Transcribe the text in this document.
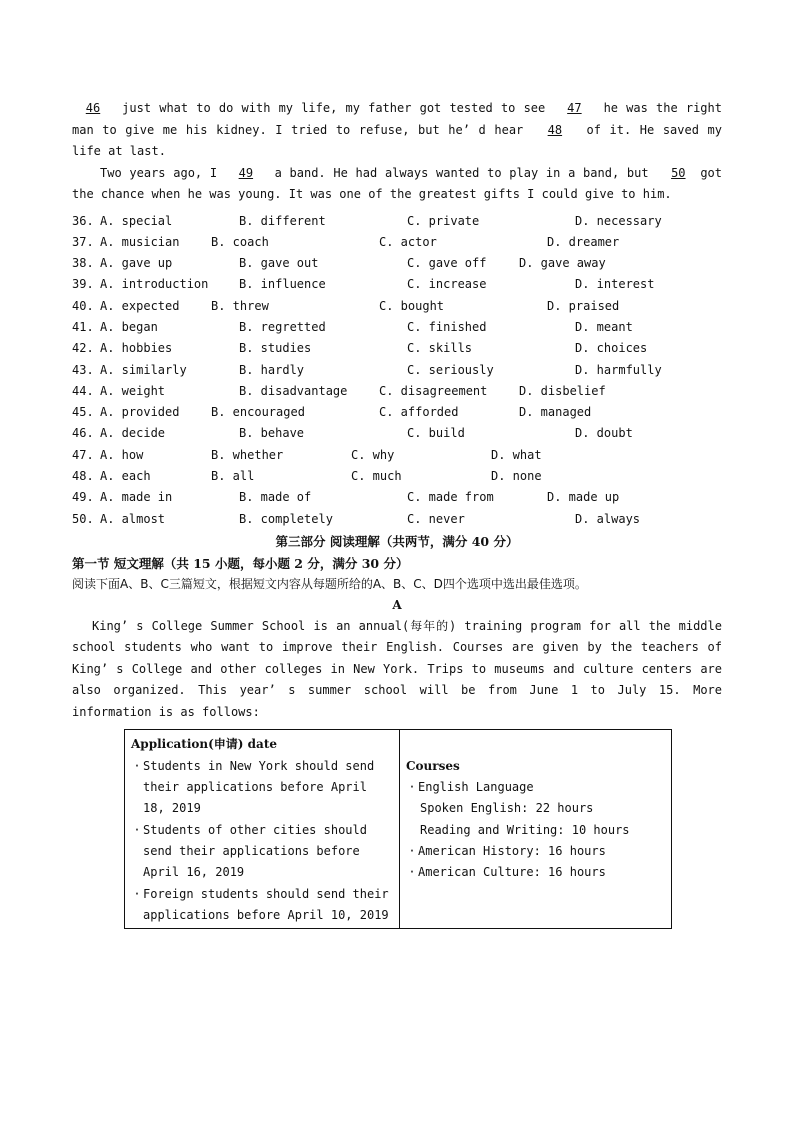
46 just what to do with my life, my father got tested to see 47 he was the right man to give me his kidney. I tried to refuse, but he’ d hear 48 of it. He saved my life at last.

Two years ago, I 49 a band. He had always wanted to play in a band, but 50 got the chance when he was young. It was one of the greatest gifts I could give to him.

36. A. special	B. different	C. private	D. necessary
37. A. musician	B. coach	C. actor	D. dreamer
38. A. gave up	B. gave out	C. gave off	D. gave away
39. A. introduction	B. influence	C. increase	D. interest
40. A. expected	B. threw	C. bought	D. praised
41. A. began	B. regretted	C. finished	D. meant
42. A. hobbies	B. studies	C. skills	D. choices
43. A. similarly	B. hardly	C. seriously	D. harmfully
44. A. weight	B. disadvantage	C. disagreement	D. disbelief
45. A. provided	B. encouraged	C. afforded	D. managed
46. A. decide	B. behave	C. build	D. doubt
47. A. how	B. whether	C. why	D. what
48. A. each	B. all	C. much	D. none
49. A. made in	B. made of	C. made from	D. made up
50. A. almost	B. completely	C. never	D. always
第三部分 阅读理解（共两节，满分 40 分）
第一节 短文理解（共 15 小题，每小题 2 分，满分 30 分）
阅读下面A、B、C三篇短文，根据短文内容从每题所给的A、B、C、D四个选项中选出最佳选项。
A

King’ s College Summer School is an annual(每年的) training program for all the middle school students who want to improve their English. Courses are given by the teachers of King’ s College and other colleges in New York. Trips to museums and culture centers are also organized. This year’ s summer school will be from June 1 to July 15. More information is as follows:

Application(申请) date
· Students in New York should send their applications before April 18, 2019
· Students of other cities should send their applications before April 16, 2019
· Foreign students should send their applications before April 10, 2019

Courses
· English Language
Spoken English: 22 hours
Reading and Writing: 10 hours
· American History: 16 hours
· American Culture: 16 hours
